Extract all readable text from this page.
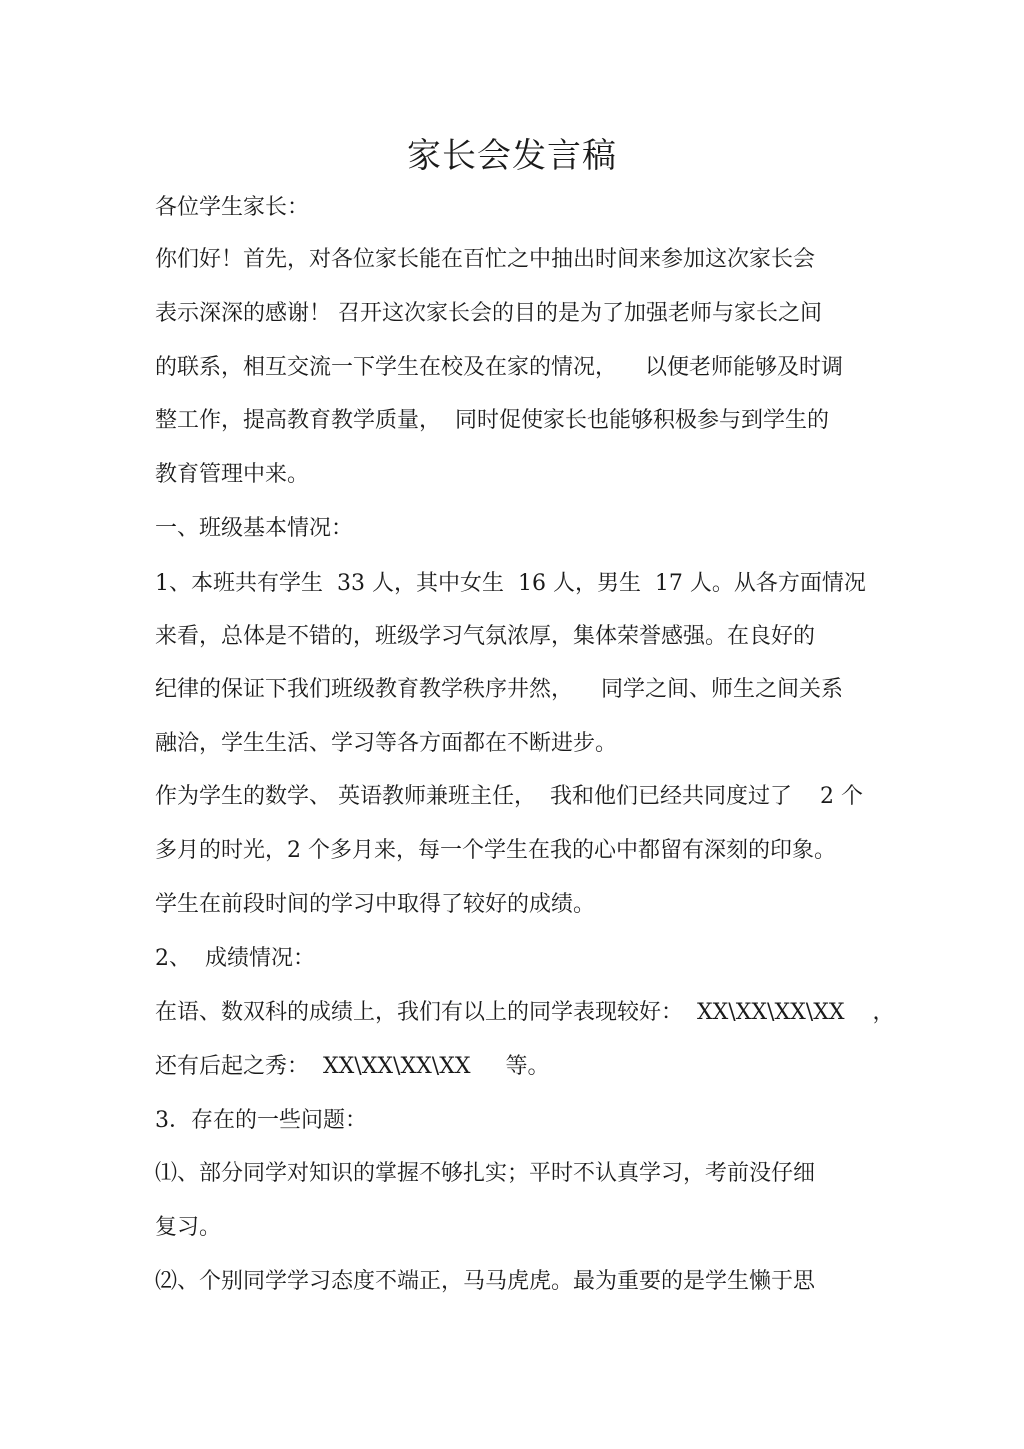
家长会发言稿
各位学生家长：
你们好！首先，对各位家长能在百忙之中抽出时间来参加这次家长会
表示深深的感谢！ 召开这次家长会的目的是为了加强老师与家长之间
的联系，相互交流一下学生在校及在家的情况，    以便老师能够及时调
整工作，提高教育教学质量，  同时促使家长也能够积极参与到学生的
教育管理中来。
一、班级基本情况：
1、本班共有学生  33 人，其中女生  16 人，男生  17 人。从各方面情况
来看，总体是不错的，班级学习气氛浓厚，集体荣誉感强。在良好的
纪律的保证下我们班级教育教学秩序井然，    同学之间、师生之间关系
融洽，学生生活、学习等各方面都在不断进步。
作为学生的数学、 英语教师兼班主任，  我和他们已经共同度过了    2 个
多月的时光，2 个多月来，每一个学生在我的心中都留有深刻的印象。
学生在前段时间的学习中取得了较好的成绩。
2、  成绩情况：
在语、数双科的成绩上，我们有以上的同学表现较好：  XX\XX\XX\XX    ，
还有后起之秀：  XX\XX\XX\XX     等。
3．存在的一些问题：
⑴、部分同学对知识的掌握不够扎实；平时不认真学习，考前没仔细
复习。
⑵、个别同学学习态度不端正，马马虎虎。最为重要的是学生懒于思
